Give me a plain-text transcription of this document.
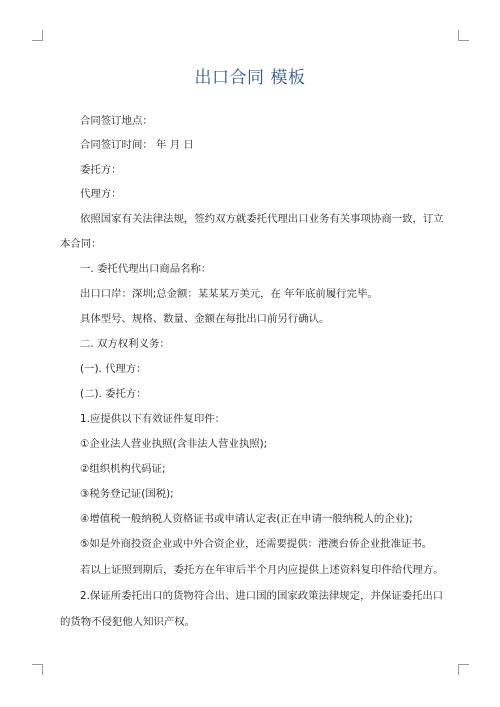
出口合同 模板
合同签订地点：
合同签订时间： 年 月 日
委托方：
代理方：
依照国家有关法律法规，签约双方就委托代理出口业务有关事项协商一致，订立
本合同：
一. 委托代理出口商品名称：
出口口岸：深圳;总金额：某某某万美元，在 年年底前履行完毕。
具体型号、规格、数量、金额在每批出口前另行确认。
二. 双方权利义务：
(一). 代理方：
(二). 委托方：
1.应提供以下有效证件复印件：
①企业法人营业执照(含非法人营业执照);
②组织机构代码证;
③税务登记证(国税);
④增值税一般纳税人资格证书或申请认定表(正在申请一般纳税人的企业);
⑤如是外商投资企业或中外合资企业，还需要提供：港澳台侨企业批准证书。
若以上证照到期后，委托方在年审后半个月内应提供上述资料复印件给代理方。
2.保证所委托出口的货物符合出、进口国的国家政策法律规定，并保证委托出口
的货物不侵犯他人知识产权。
